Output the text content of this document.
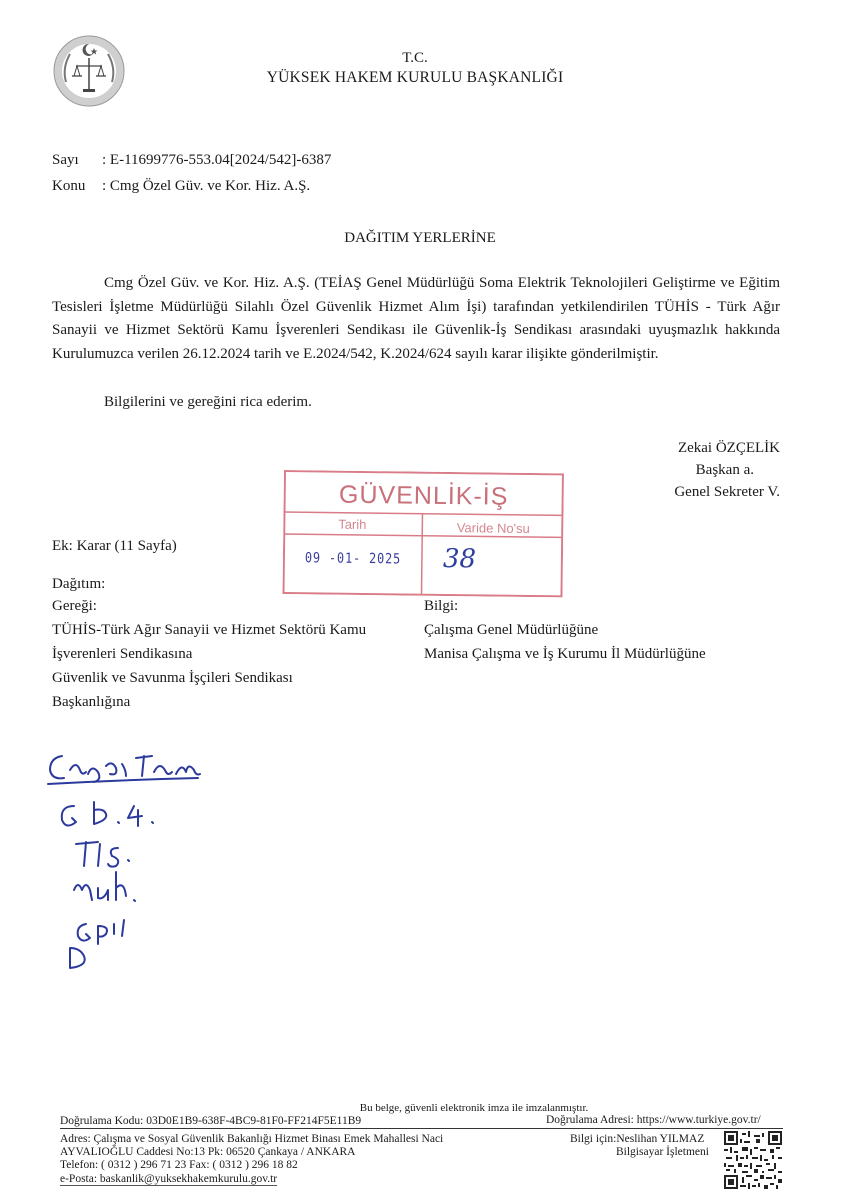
T.C.
YÜKSEK HAKEM KURULU BAŞKANLIĞI
Sayı : E-11699776-553.04[2024/542]-6387
Konu : Cmg Özel Güv. ve Kor. Hiz. A.Ş.
DAĞITIM YERLERİNE

Cmg Özel Güv. ve Kor. Hiz. A.Ş. (TEİAŞ Genel Müdürlüğü Soma Elektrik Teknolojileri Geliştirme ve Eğitim Tesisleri İşletme Müdürlüğü Silahlı Özel Güvenlik Hizmet Alım İşi) tarafından yetkilendirilen TÜHİS - Türk Ağır Sanayii ve Hizmet Sektörü Kamu İşverenleri Sendikası ile Güvenlik-İş Sendikası arasındaki uyuşmazlık hakkında Kurulumuzca verilen 26.12.2024 tarih ve E.2024/542, K.2024/624 sayılı karar ilişikte gönderilmiştir.

Bilgilerini ve gereğini rica ederim.
Zekai ÖZÇELİK
Başkan a.
Genel Sekreter V.
GÜVENLİK-İŞ
Tarih	Varide No'su
09 -01- 2025 38
Ek: Karar (11 Sayfa)
Dağıtım:
Gereği:
TÜHİS-Türk Ağır Sanayii ve Hizmet Sektörü Kamu
İşverenleri Sendikasına
Güvenlik ve Savunma İşçileri Sendikası
Başkanlığına
Bilgi:
Çalışma Genel Müdürlüğüne
Manisa Çalışma ve İş Kurumu İl Müdürlüğüne
Bu belge, güvenli elektronik imza ile imzalanmıştır.
Doğrulama Kodu: 03D0E1B9-638F-4BC9-81F0-FF214F5E11B9	Doğrulama Adresi: https://www.turkiye.gov.tr/
Adres: Çalışma ve Sosyal Güvenlik Bakanlığı Hizmet Binası Emek Mahallesi Naci
AYVALIOĞLU Caddesi No:13 Pk: 06520 Çankaya / ANKARA
Telefon: ( 0312 ) 296 71 23 Fax: ( 0312 ) 296 18 82
e-Posta: baskanlik@yuksekhakemkurulu.gov.tr
Bilgi için:Neslihan YILMAZ
Bilgisayar İşletmeni
